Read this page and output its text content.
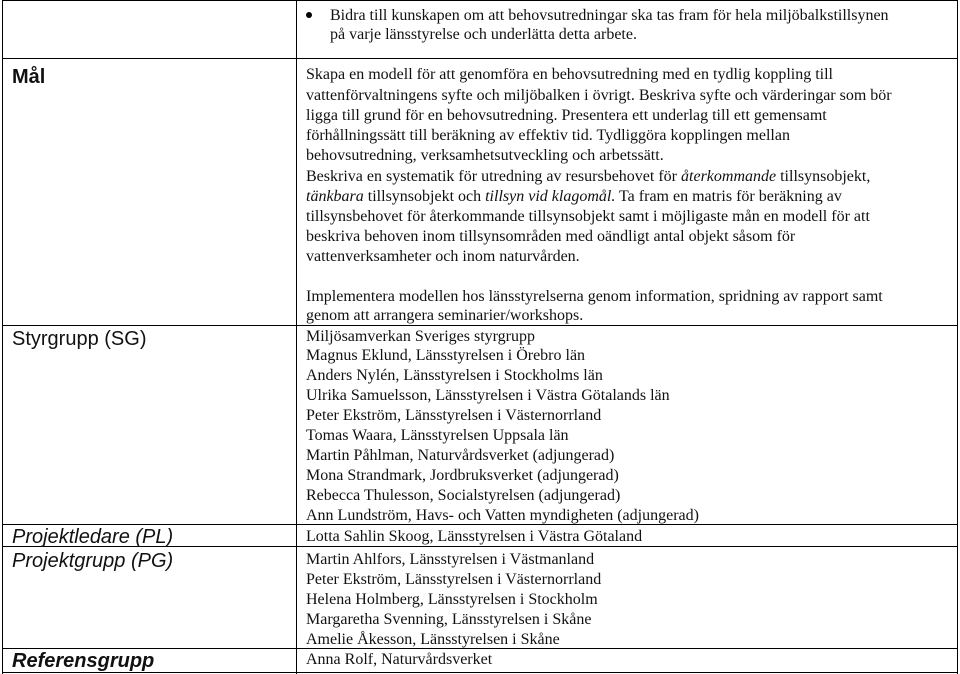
Bidra till kunskapen om att behovsutredningar ska tas fram för hela miljöbalkstillsynen
på varje länsstyrelse och underlätta detta arbete.
Mål	Skapa en modell för att genomföra en behovsutredning med en tydlig koppling till
vattenförvaltningens syfte och miljöbalken i övrigt. Beskriva syfte och värderingar som bör
ligga till grund för en behovsutredning. Presentera ett underlag till ett gemensamt
förhållningssätt till beräkning av effektiv tid. Tydliggöra kopplingen mellan
behovsutredning, verksamhetsutveckling och arbetssätt.
Beskriva en systematik för utredning av resursbehovet för återkommande tillsynsobjekt,
tänkbara tillsynsobjekt och tillsyn vid klagomål. Ta fram en matris för beräkning av
tillsynsbehovet för återkommande tillsynsobjekt samt i möjligaste mån en modell för att
beskriva behoven inom tillsynsområden med oändligt antal objekt såsom för
vattenverksamheter och inom naturvården.
Implementera modellen hos länsstyrelserna genom information, spridning av rapport samt
genom att arrangera seminarier/workshops.
Styrgrupp (SG)	Miljösamverkan Sveriges styrgrupp
Magnus Eklund, Länsstyrelsen i Örebro län
Anders Nylén, Länsstyrelsen i Stockholms län
Ulrika Samuelsson, Länsstyrelsen i Västra Götalands län
Peter Ekström, Länsstyrelsen i Västernorrland
Tomas Waara, Länsstyrelsen Uppsala län
Martin Påhlman, Naturvårdsverket (adjungerad)
Mona Strandmark, Jordbruksverket (adjungerad)
Rebecca Thulesson, Socialstyrelsen (adjungerad)
Ann Lundström, Havs- och Vatten myndigheten (adjungerad)
Projektledare (PL)	Lotta Sahlin Skoog, Länsstyrelsen i Västra Götaland
Projektgrupp (PG)	Martin Ahlfors, Länsstyrelsen i Västmanland
Peter Ekström, Länsstyrelsen i Västernorrland
Helena Holmberg, Länsstyrelsen i Stockholm
Margaretha Svenning, Länsstyrelsen i Skåne
Amelie Åkesson, Länsstyrelsen i Skåne
Referensgrupp	Anna Rolf, Naturvårdsverket
